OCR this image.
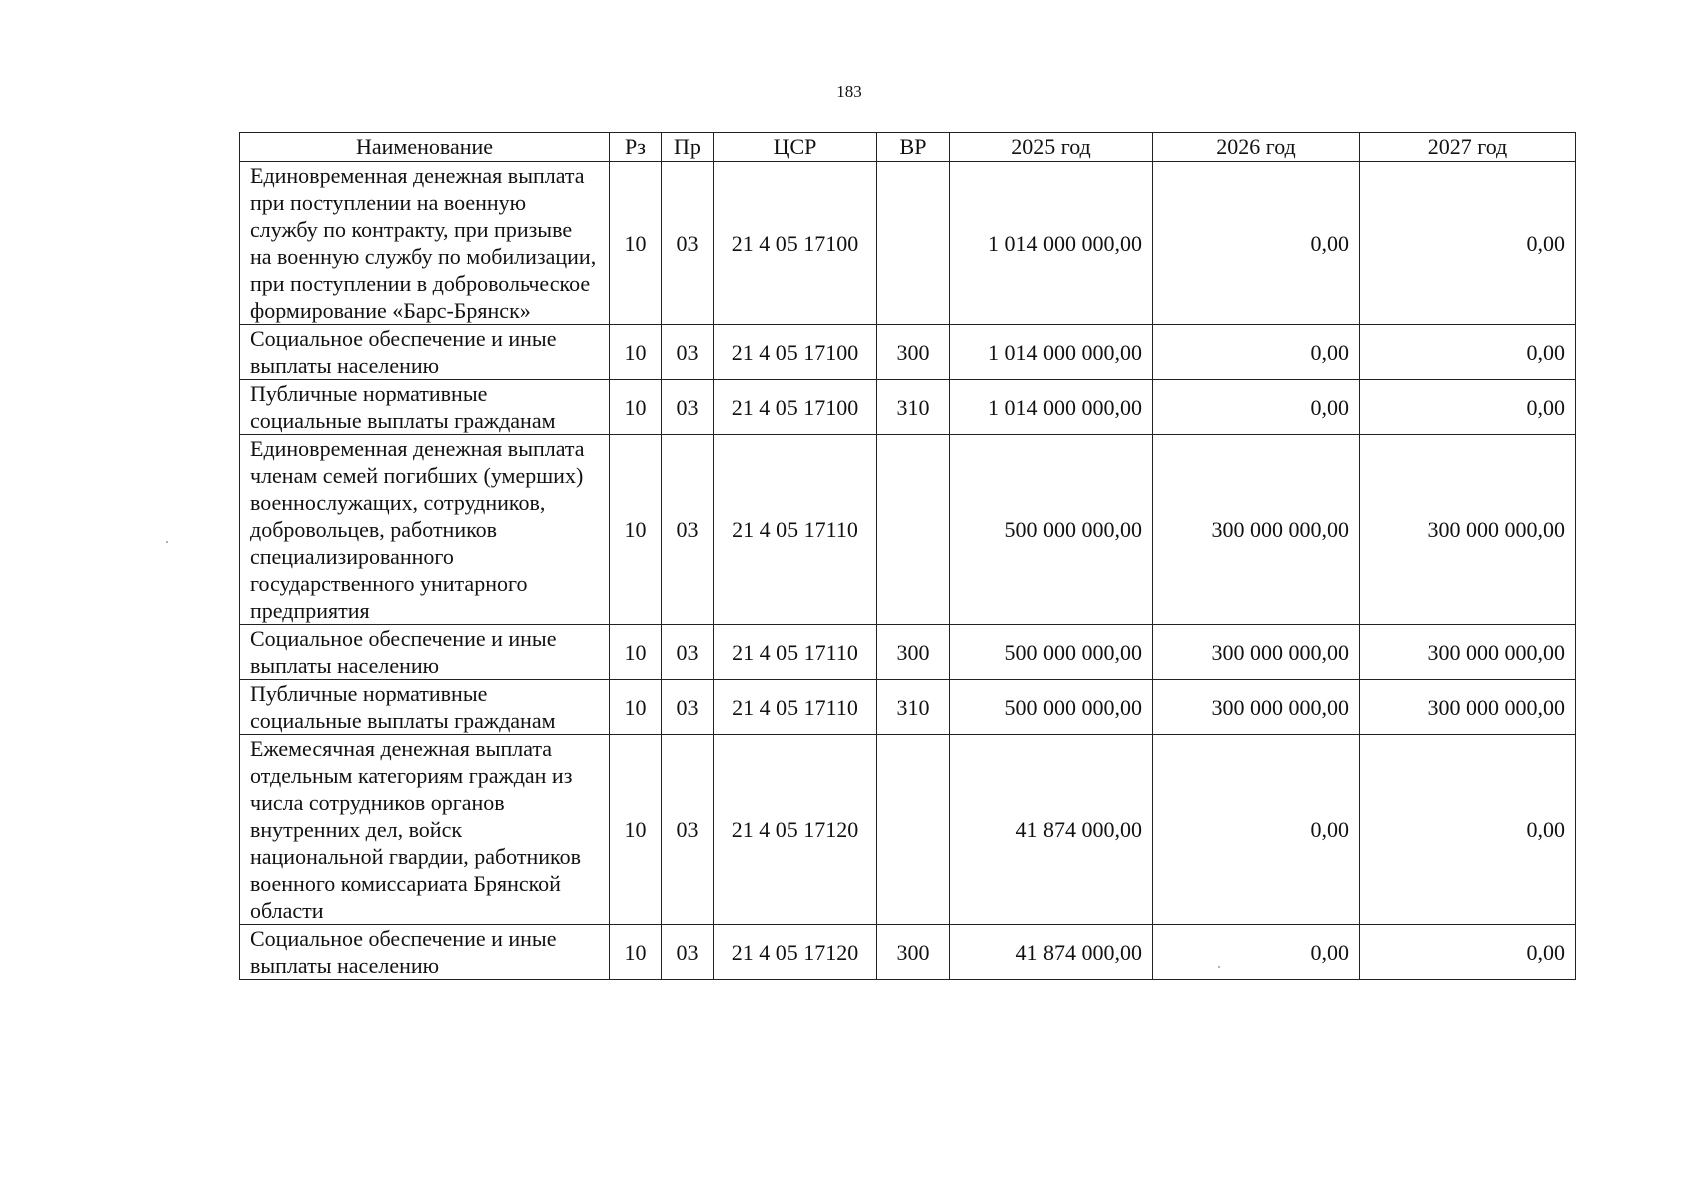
183
Наименование	Рз	Пр	ЦСР	ВР	2025 год	2026 год	2027 год
Единовременная денежная выплата при поступлении на военную службу по контракту, при призыве на военную службу по мобилизации, при поступлении в добровольческое формирование «Барс-Брянск»	10	03	21 4 05 17100		1 014 000 000,00	0,00	0,00
Социальное обеспечение и иные выплаты населению	10	03	21 4 05 17100	300	1 014 000 000,00	0,00	0,00
Публичные нормативные социальные выплаты гражданам	10	03	21 4 05 17100	310	1 014 000 000,00	0,00	0,00
Единовременная денежная выплата членам семей погибших (умерших) военнослужащих, сотрудников, добровольцев, работников специализированного государственного унитарного предприятия	10	03	21 4 05 17110		500 000 000,00	300 000 000,00	300 000 000,00
Социальное обеспечение и иные выплаты населению	10	03	21 4 05 17110	300	500 000 000,00	300 000 000,00	300 000 000,00
Публичные нормативные социальные выплаты гражданам	10	03	21 4 05 17110	310	500 000 000,00	300 000 000,00	300 000 000,00
Ежемесячная денежная выплата отдельным категориям граждан из числа сотрудников органов внутренних дел, войск национальной гвардии, работников военного комиссариата Брянской области	10	03	21 4 05 17120		41 874 000,00	0,00	0,00
Социальное обеспечение и иные выплаты населению	10	03	21 4 05 17120	300	41 874 000,00	0,00	0,00
